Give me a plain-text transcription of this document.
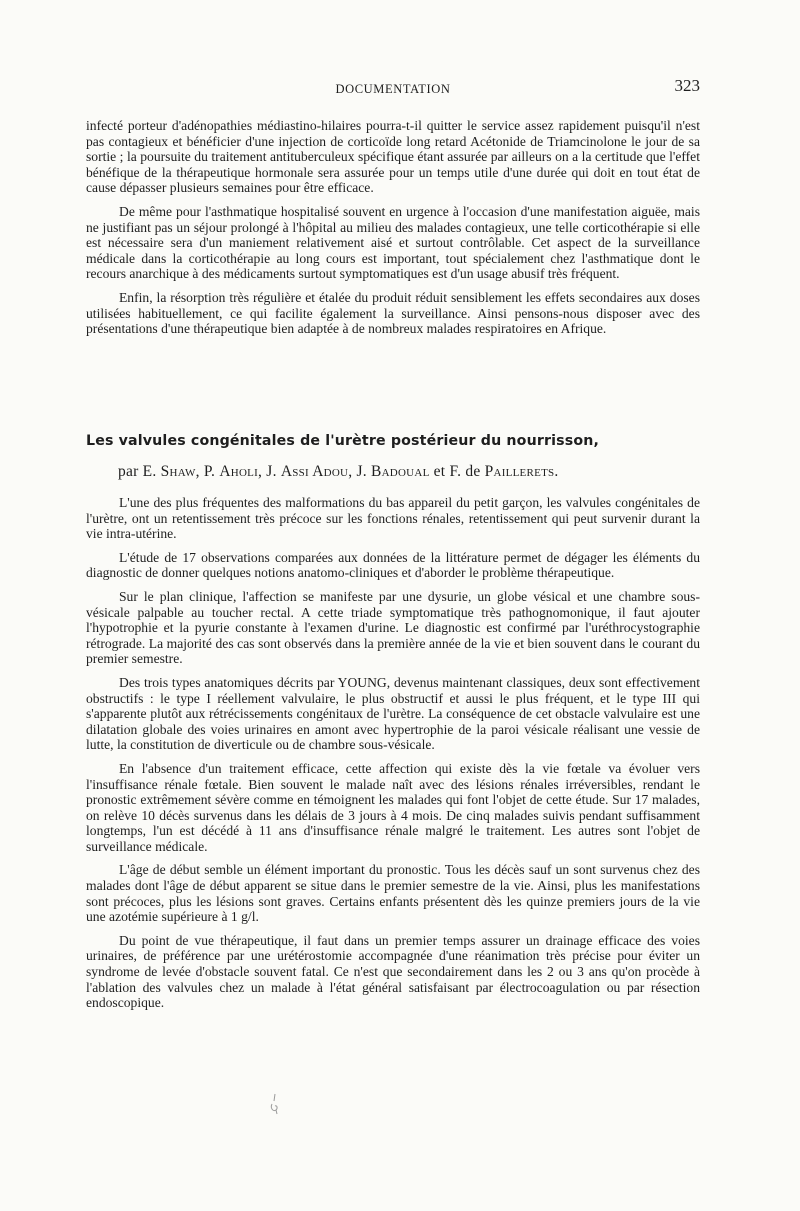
DOCUMENTATION	323

infecté porteur d'adénopathies médiastino-hilaires pourra-t-il quitter le service assez rapidement puisqu'il n'est pas contagieux et bénéficier d'une injection de corticoïde long retard Acétonide de Triamcinolone le jour de sa sortie ; la poursuite du traitement antituberculeux spécifique étant assurée par ailleurs on a la certitude que l'effet bénéfique de la thérapeutique hormonale sera assurée pour un temps utile d'une durée qui doit en tout état de cause dépasser plusieurs semaines pour être efficace.

De même pour l'asthmatique hospitalisé souvent en urgence à l'occasion d'une manifestation aiguëe, mais ne justifiant pas un séjour prolongé à l'hôpital au milieu des malades contagieux, une telle corticothérapie si elle est nécessaire sera d'un maniement relativement aisé et surtout contrôlable. Cet aspect de la surveillance médicale dans la corticothérapie au long cours est important, tout spécialement chez l'asthmatique dont le recours anarchique à des médicaments surtout symptomatiques est d'un usage abusif très fréquent.

Enfin, la résorption très régulière et étalée du produit réduit sensiblement les effets secondaires aux doses utilisées habituellement, ce qui facilite également la surveillance. Ainsi pensons-nous disposer avec des présentations d'une thérapeutique bien adaptée à de nombreux malades respiratoires en Afrique.

Les valvules congénitales de l'urètre postérieur du nourrisson,
par E. Shaw, P. Aholi, J. Assi Adou, J. Badoual et F. de Paillerets.

L'une des plus fréquentes des malformations du bas appareil du petit garçon, les valvules congénitales de l'urètre, ont un retentissement très précoce sur les fonctions rénales, retentissement qui peut survenir durant la vie intra-utérine.

L'étude de 17 observations comparées aux données de la littérature permet de dégager les éléments du diagnostic de donner quelques notions anatomo-cliniques et d'aborder le problème thérapeutique.

Sur le plan clinique, l'affection se manifeste par une dysurie, un globe vésical et une chambre sous-vésicale palpable au toucher rectal. A cette triade symptomatique très pathognomonique, il faut ajouter l'hypotrophie et la pyurie constante à l'examen d'urine. Le diagnostic est confirmé par l'uréthrocystographie rétrograde. La majorité des cas sont observés dans la première année de la vie et bien souvent dans le courant du premier semestre.

Des trois types anatomiques décrits par YOUNG, devenus maintenant classiques, deux sont effectivement obstructifs : le type I réellement valvulaire, le plus obstructif et aussi le plus fréquent, et le type III qui s'apparente plutôt aux rétrécissements congénitaux de l'urètre. La conséquence de cet obstacle valvulaire est une dilatation globale des voies urinaires en amont avec hypertrophie de la paroi vésicale réalisant une vessie de lutte, la constitution de diverticule ou de chambre sous-vésicale.

En l'absence d'un traitement efficace, cette affection qui existe dès la vie fœtale va évoluer vers l'insuffisance rénale fœtale. Bien souvent le malade naît avec des lésions rénales irréversibles, rendant le pronostic extrêmement sévère comme en témoignent les malades qui font l'objet de cette étude. Sur 17 malades, on relève 10 décès survenus dans les délais de 3 jours à 4 mois. De cinq malades suivis pendant suffisamment longtemps, l'un est décédé à 11 ans d'insuffisance rénale malgré le traitement. Les autres sont l'objet de surveillance médicale.

L'âge de début semble un élément important du pronostic. Tous les décès sauf un sont survenus chez des malades dont l'âge de début apparent se situe dans le premier semestre de la vie. Ainsi, plus les manifestations sont précoces, plus les lésions sont graves. Certains enfants présentent dès les quinze premiers jours de la vie une azotémie supérieure à 1 g/l.

Du point de vue thérapeutique, il faut dans un premier temps assurer un drainage efficace des voies urinaires, de préférence par une urétérostomie accompagnée d'une réanimation très précise pour éviter un syndrome de levée d'obstacle souvent fatal. Ce n'est que secondairement dans les 2 ou 3 ans qu'on procède à l'ablation des valvules chez un malade à l'état général satisfaisant par électrocoagulation ou par résection endoscopique.
